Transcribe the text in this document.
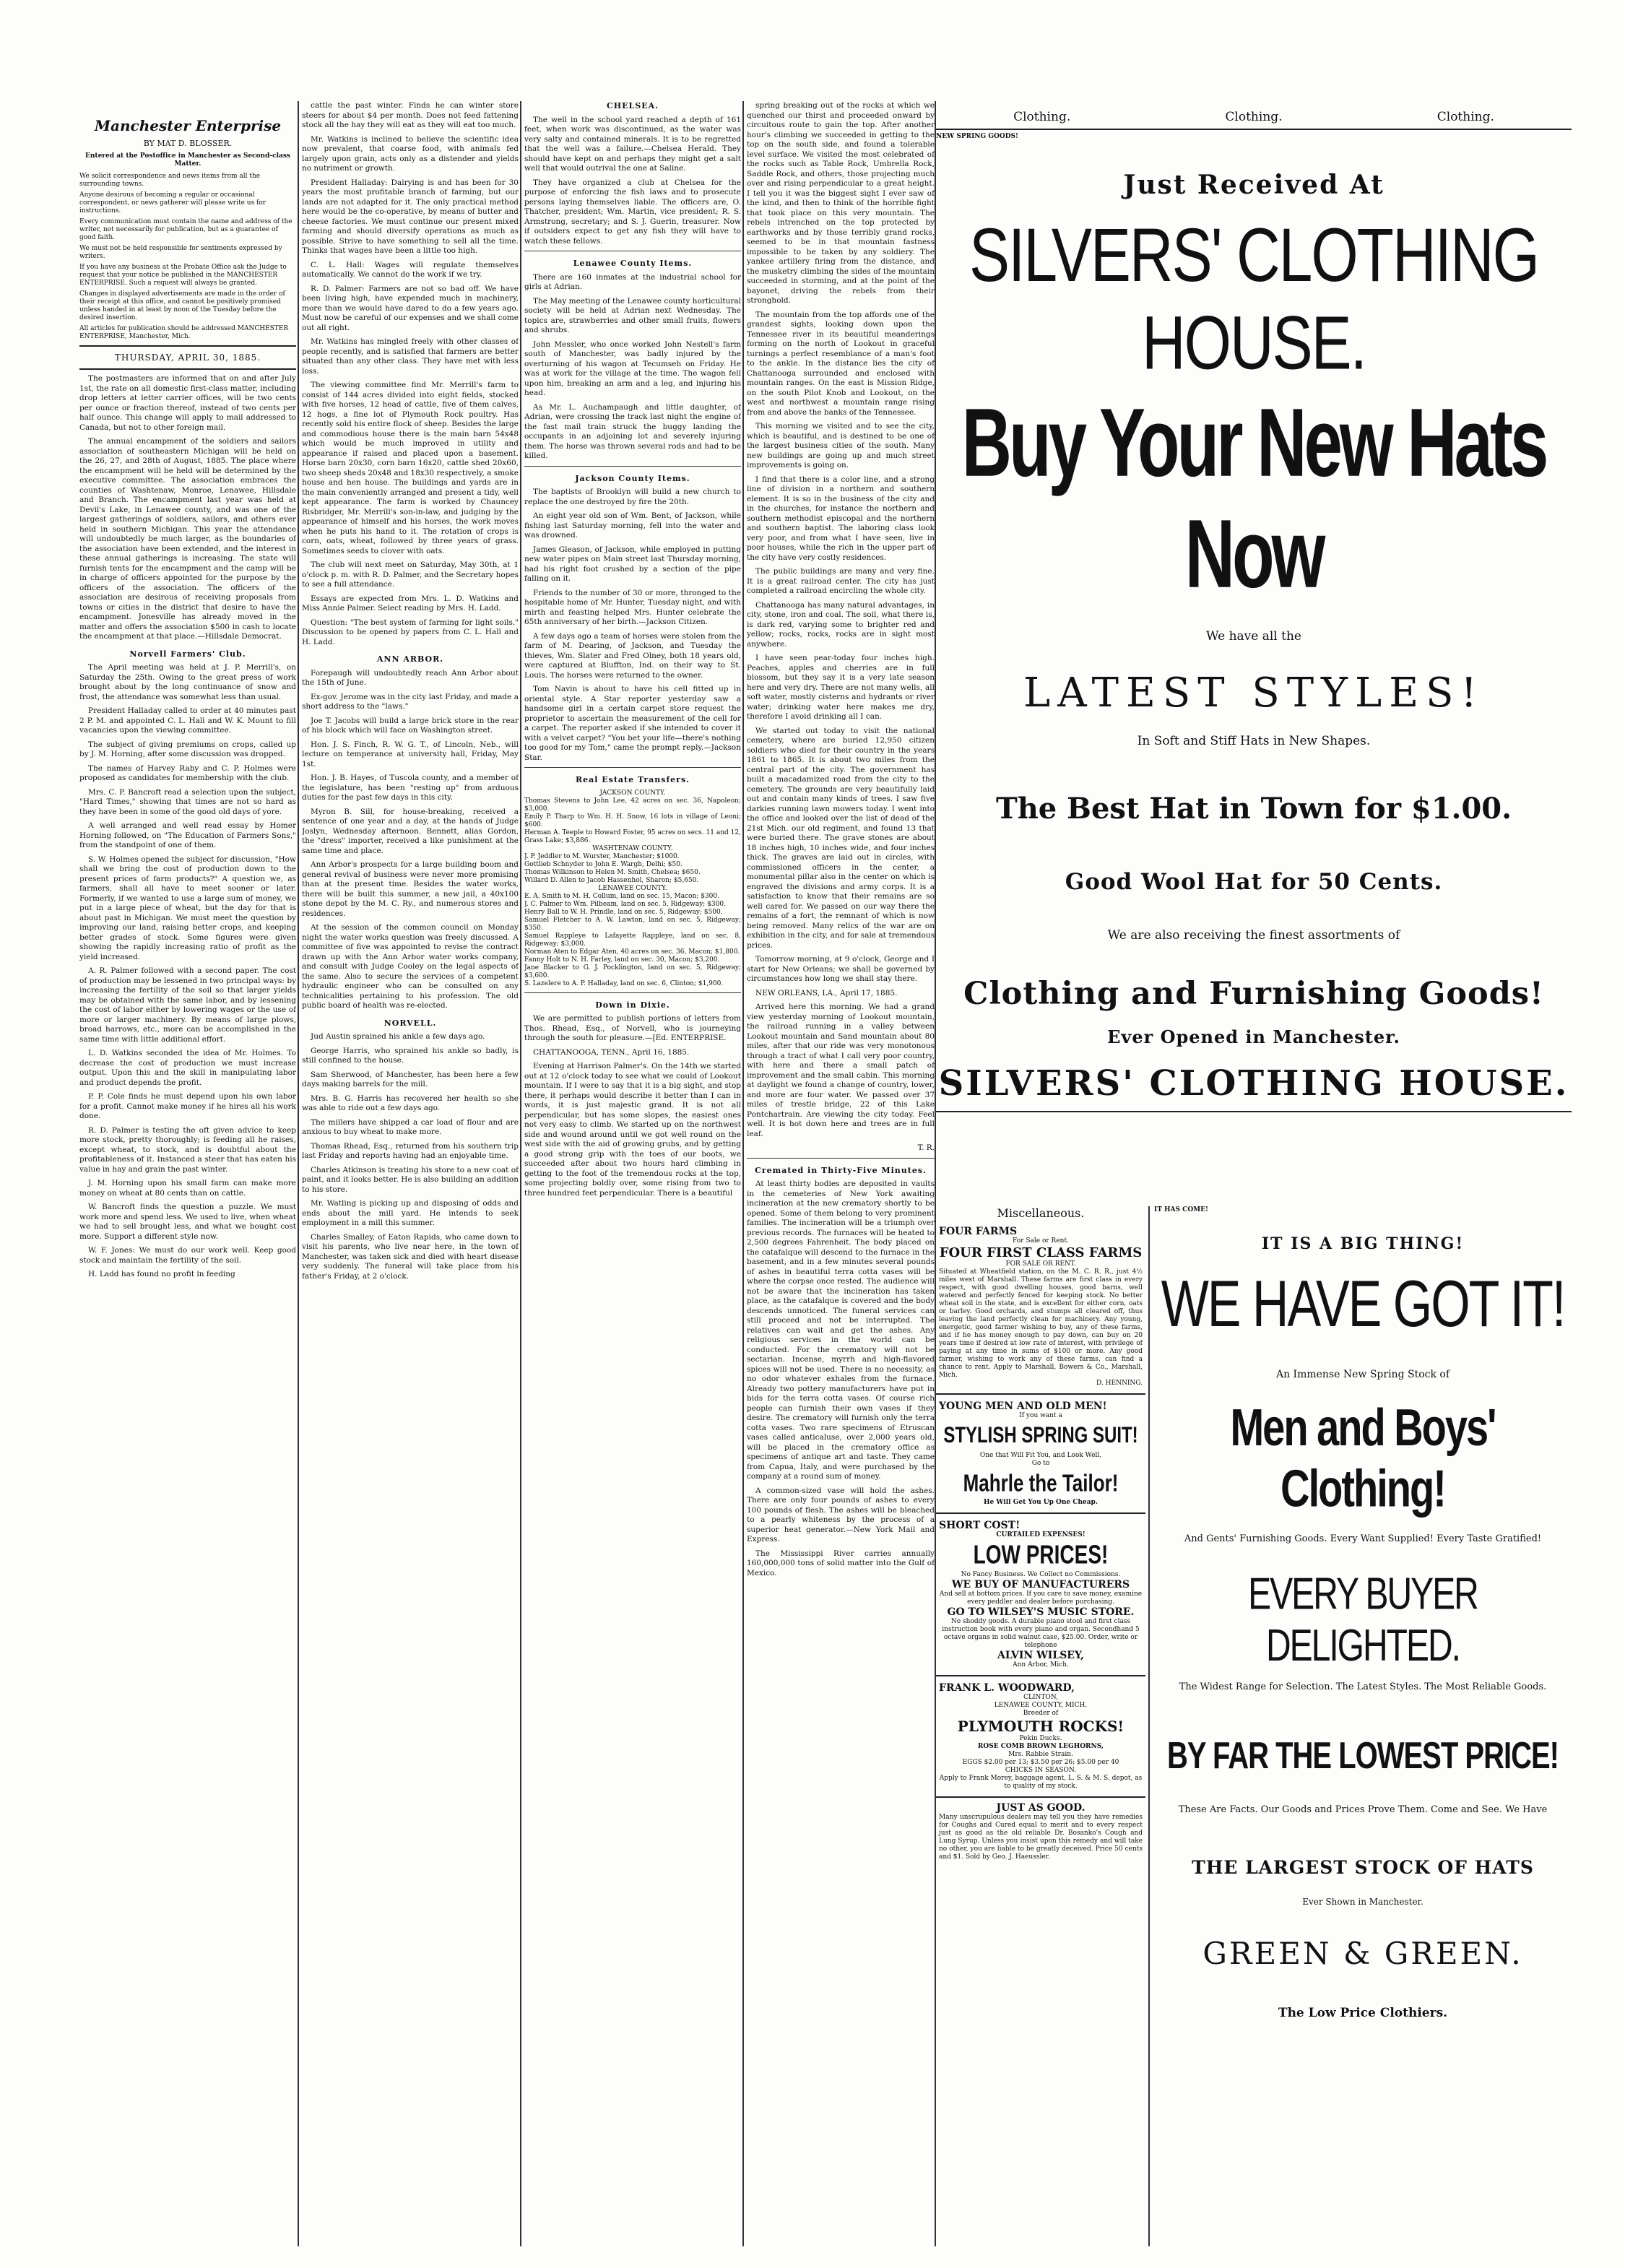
Manchester Enterprise
BY MAT D. BLOSSER.
Entered at the Postoffice in Manchester as Second-class Matter.

We solicit correspondence and news items from all the surrounding towns.

Anyone desirous of becoming a regular or occasional correspondent, or news gatherer will please write us for instructions.

Every communication must contain the name and address of the writer, not necessarily for publication, but as a guarantee of good faith.

We must not be held responsible for sentiments expressed by writers.

If you have any business at the Probate Office ask the Judge to request that your notice be published in the MANCHESTER ENTERPRISE. Such a request will always be granted.

Changes in displayed advertisements are made in the order of their receipt at this office, and cannot be positively promised unless handed in at least by noon of the Tuesday before the desired insertion.

All articles for publication should be addressed MANCHESTER ENTERPRISE, Manchester, Mich.

THURSDAY, APRIL 30, 1885.

The postmasters are informed that on and after July 1st, the rate on all domestic first-class matter, including drop letters at letter carrier offices, will be two cents per ounce or fraction thereof, instead of two cents per half ounce. This change will apply to mail addressed to Canada, but not to other foreign mail.

The annual encampment of the soldiers and sailors association of southeastern Michigan will be held on the 26, 27, and 28th of August, 1885. The place where the encampment will be held will be determined by the executive committee. The association embraces the counties of Washtenaw, Monroe, Lenawee, Hillsdale and Branch. The encampment last year was held at Devil's Lake, in Lenawee county, and was one of the largest gatherings of soldiers, sailors, and others ever held in southern Michigan. This year the attendance will undoubtedly be much larger, as the boundaries of the association have been extended, and the interest in these annual gatherings is increasing. The state will furnish tents for the encampment and the camp will be in charge of officers appointed for the purpose by the officers of the association. The officers of the association are desirous of receiving proposals from towns or cities in the district that desire to have the encampment. Jonesville has already moved in the matter and offers the association $500 in cash to locate the encampment at that place.—Hillsdale Democrat.

Norvell Farmers' Club.

The April meeting was held at J. P. Merrill's, on Saturday the 25th. Owing to the great press of work brought about by the long continuance of snow and frost, the attendance was somewhat less than usual.

President Halladay called to order at 40 minutes past 2 P. M. and appointed C. L. Hall and W. K. Mount to fill vacancies upon the viewing committee.

The subject of giving premiums on crops, called up by J. M. Horning, after some discussion was dropped.

The names of Harvey Raby and C. P. Holmes were proposed as candidates for membership with the club.

Mrs. C. P. Bancroft read a selection upon the subject, "Hard Times," showing that times are not so hard as they have been in some of the good old days of yore.

A well arranged and well read essay by Homer Horning followed, on "The Education of Farmers Sons," from the standpoint of one of them.

S. W. Holmes opened the subject for discussion, "How shall we bring the cost of production down to the present prices of farm products?" A question we, as farmers, shall all have to meet sooner or later. Formerly, if we wanted to use a large sum of money, we put in a large piece of wheat, but the day for that is about past in Michigan. We must meet the question by improving our land, raising better crops, and keeping better grades of stock. Some figures were given showing the rapidly increasing ratio of profit as the yield increased.

A. R. Palmer followed with a second paper. The cost of production may be lessened in two principal ways: by increasing the fertility of the soil so that larger yields may be obtained with the same labor, and by lessening the cost of labor either by lowering wages or the use of more or larger machinery. By means of large plows, broad harrows, etc., more can be accomplished in the same time with little additional effort.

L. D. Watkins seconded the idea of Mr. Holmes. To decrease the cost of production we must increase output. Upon this and the skill in manipulating labor and product depends the profit.

P. P. Cole finds he must depend upon his own labor for a profit. Cannot make money if he hires all his work done.

R. D. Palmer is testing the oft given advice to keep more stock, pretty thoroughly; is feeding all he raises, except wheat, to stock, and is doubtful about the profitableness of it. Instanced a steer that has eaten his value in hay and grain the past winter.

J. M. Horning upon his small farm can make more money on wheat at 80 cents than on cattle.

W. Bancroft finds the question a puzzle. We must work more and spend less. We used to live, when wheat we had to sell brought less, and what we bought cost more. Support a different style now.

W. F. Jones: We must do our work well. Keep good stock and maintain the fertility of the soil.

H. Ladd has found no profit in feeding

cattle the past winter. Finds he can winter store steers for about $4 per month. Does not feed fattening stock all the hay they will eat as they will eat too much.

Mr. Watkins is inclined to believe the scientific idea now prevalent, that coarse food, with animals fed largely upon grain, acts only as a distender and yields no nutriment or growth.

President Halladay: Dairying is and has been for 30 years the most profitable branch of farming, but our lands are not adapted for it. The only practical method here would be the co-operative, by means of butter and cheese factories. We must continue our present mixed farming and should diversify operations as much as possible. Strive to have something to sell all the time. Thinks that wages have been a little too high.

C. L. Hall: Wages will regulate themselves automatically. We cannot do the work if we try.

R. D. Palmer: Farmers are not so bad off. We have been living high, have expended much in machinery, more than we would have dared to do a few years ago. Must now be careful of our expenses and we shall come out all right.

Mr. Watkins has mingled freely with other classes of people recently, and is satisfied that farmers are better situated than any other class. They have met with less loss.

The viewing committee find Mr. Merrill's farm to consist of 144 acres divided into eight fields, stocked with five horses, 12 head of cattle, five of them calves, 12 hogs, a fine lot of Plymouth Rock poultry. Has recently sold his entire flock of sheep. Besides the large and commodious house there is the main barn 54x48 which would be much improved in utility and appearance if raised and placed upon a basement. Horse barn 20x30, corn barn 16x20, cattle shed 20x60, two sheep sheds 20x48 and 18x30 respectively, a smoke house and hen house. The buildings and yards are in the main conveniently arranged and present a tidy, well kept appearance. The farm is worked by Chauncey Risbridger, Mr. Merrill's son-in-law, and judging by the appearance of himself and his horses, the work moves when he puts his hand to it. The rotation of crops is corn, oats, wheat, followed by three years of grass. Sometimes seeds to clover with oats.

The club will next meet on Saturday, May 30th, at 1 o'clock p. m. with R. D. Palmer, and the Secretary hopes to see a full attendance.

Essays are expected from Mrs. L. D. Watkins and Miss Annie Palmer. Select reading by Mrs. H. Ladd.

Question: "The best system of farming for light soils." Discussion to be opened by papers from C. L. Hall and H. Ladd.

ANN ARBOR.

Forepaugh will undoubtedly reach Ann Arbor about the 15th of June.

Ex-gov. Jerome was in the city last Friday, and made a short address to the "laws."

Joe T. Jacobs will build a large brick store in the rear of his block which will face on Washington street.

Hon. J. S. Finch, R. W. G. T., of Lincoln, Neb., will lecture on temperance at university hall, Friday, May 1st.

Hon. J. B. Hayes, of Tuscola county, and a member of the legislature, has been "resting up" from arduous duties for the past few days in this city.

Myron B. Sill, for house-breaking, received a sentence of one year and a day, at the hands of Judge Joslyn, Wednesday afternoon. Bennett, alias Gordon, the "dress" importer, received a like punishment at the same time and place.

Ann Arbor's prospects for a large building boom and general revival of business were never more promising than at the present time. Besides the water works, there will be built this summer, a new jail, a 40x100 stone depot by the M. C. Ry., and numerous stores and residences.

At the session of the common council on Monday night the water works question was freely discussed. A committee of five was appointed to revise the contract drawn up with the Ann Arbor water works company, and consult with Judge Cooley on the legal aspects of the same. Also to secure the services of a competent hydraulic engineer who can be consulted on any technicalities pertaining to his profession. The old public board of health was re-elected.

NORVELL.

Jud Austin sprained his ankle a few days ago.

George Harris, who sprained his ankle so badly, is still confined to the house.

Sam Sherwood, of Manchester, has been here a few days making barrels for the mill.

Mrs. B. G. Harris has recovered her health so she was able to ride out a few days ago.

The millers have shipped a car load of flour and are anxious to buy wheat to make more.

Thomas Rhead, Esq., returned from his southern trip last Friday and reports having had an enjoyable time.

Charles Atkinson is treating his store to a new coat of paint, and it looks better. He is also building an addition to his store.

Mr. Watling is picking up and disposing of odds and ends about the mill yard. He intends to seek employment in a mill this summer.

Charles Smalley, of Eaton Rapids, who came down to visit his parents, who live near here, in the town of Manchester, was taken sick and died with heart disease very suddenly. The funeral will take place from his father's Friday, at 2 o'clock.

CHELSEA.

The well in the school yard reached a depth of 161 feet, when work was discontinued, as the water was very salty and contained minerals. It is to be regretted that the well was a failure.—Chelsea Herald. They should have kept on and perhaps they might get a salt well that would outrival the one at Saline.

They have organized a club at Chelsea for the purpose of enforcing the fish laws and to prosecute persons laying themselves liable. The officers are, O. Thatcher, president; Wm. Martin, vice president; R. S. Armstrong, secretary; and S. J. Guerin, treasurer. Now if outsiders expect to get any fish they will have to watch these fellows.

Lenawee County Items.

There are 160 inmates at the industrial school for girls at Adrian.

The May meeting of the Lenawee county horticultural society will be held at Adrian next Wednesday. The topics are, strawberries and other small fruits, flowers and shrubs.

John Messler, who once worked John Nestell's farm south of Manchester, was badly injured by the overturning of his wagon at Tecumseh on Friday. He was at work for the village at the time. The wagon fell upon him, breaking an arm and a leg, and injuring his head.

As Mr. L. Auchampaugh and little daughter, of Adrian, were crossing the track last night the engine of the fast mail train struck the buggy landing the occupants in an adjoining lot and severely injuring them. The horse was thrown several rods and had to be killed.

Jackson County Items.

The baptists of Brooklyn will build a new church to replace the one destroyed by fire the 20th.

An eight year old son of Wm. Bent, of Jackson, while fishing last Saturday morning, fell into the water and was drowned.

James Gleason, of Jackson, while employed in putting new water pipes on Main street last Thursday morning, had his right foot crushed by a section of the pipe falling on it.

Friends to the number of 30 or more, thronged to the hospitable home of Mr. Hunter, Tuesday night, and with mirth and feasting helped Mrs. Hunter celebrate the 65th anniversary of her birth.—Jackson Citizen.

A few days ago a team of horses were stolen from the farm of M. Dearing, of Jackson, and Tuesday the thieves, Wm. Slater and Fred Olney, both 18 years old, were captured at Bluffton, Ind. on their way to St. Louis. The horses were returned to the owner.

Tom Navin is about to have his cell fitted up in oriental style. A Star reporter yesterday saw a handsome girl in a certain carpet store request the proprietor to ascertain the measurement of the cell for a carpet. The reporter asked if she intended to cover it with a velvet carpet? "You bet your life—there's nothing too good for my Tom," came the prompt reply.—Jackson Star.

Real Estate Transfers.
JACKSON COUNTY.
Thomas Stevens to John Lee, 42 acres on sec. 36, Napoleon; $3,000.
Emily P. Tharp to Wm. H. H. Snow, 16 lots in village of Leoni; $600.
Herman A. Teeple to Howard Foster, 95 acres on secs. 11 and 12, Grass Lake; $3,886.
WASHTENAW COUNTY.
J. P. Jeddler to M. Wurster, Manchester; $1000.
Gottlieb Schnyder to John E. Wargh, Delhi; $50.
Thomas Wilkinson to Helen M. Smith, Chelsea; $650.
Willard D. Allen to Jacob Hassenhol, Sharon; $5,650.
LENAWEE COUNTY.
E. A. Smith to M. H. Collum, land on sec. 15, Macon; $300.
J. C. Palmer to Wm. Pilbeam, land on sec. 5, Ridgeway; $300.
Henry Ball to W. H. Prindle, land on sec. 5, Ridgeway; $500.
Samuel Fletcher to A. W. Lawton, land on sec. 5, Ridgeway; $350.
Samuel Rappleye to Lafayette Rappleye, land on sec. 8, Ridgeway; $3,000.
Norman Aten to Edgar Aten, 40 acres on sec. 36, Macon; $1,800.
Fanny Holt to N. H. Farley, land on sec. 30, Macon; $3,200.
Jane Blacker to G. J. Pocklington, land on sec. 5, Ridgeway; $3,600.
S. Lazelere to A. P. Halladay, land on sec. 6, Clinton; $1,900.
Down in Dixie.

We are permitted to publish portions of letters from Thos. Rhead, Esq., of Norvell, who is journeying through the south for pleasure.—[Ed. ENTERPRISE.

CHATTANOOGA, TENN., April 16, 1885.

Evening at Harrison Palmer's. On the 14th we started out at 12 o'clock today to see what we could of Lookout mountain. If I were to say that it is a big sight, and stop there, it perhaps would describe it better than I can in words, it is just majestic grand. It is not all perpendicular, but has some slopes, the easiest ones not very easy to climb. We started up on the northwest side and wound around until we got well round on the west side with the aid of growing grubs, and by getting a good strong grip with the toes of our boots, we succeeded after about two hours hard climbing in getting to the foot of the tremendous rocks at the top, some projecting boldly over, some rising from two to three hundred feet perpendicular. There is a beautiful

spring breaking out of the rocks at which we quenched our thirst and proceeded onward by circuitous route to gain the top. After another hour's climbing we succeeded in getting to the top on the south side, and found a tolerable level surface. We visited the most celebrated of the rocks such as Table Rock, Umbrella Rock, Saddle Rock, and others, those projecting much over and rising perpendicular to a great height. I tell you it was the biggest sight I ever saw of the kind, and then to think of the horrible fight that took place on this very mountain. The rebels intrenched on the top protected by earthworks and by those terribly grand rocks, seemed to be in that mountain fastness impossible to be taken by any soldiery. The yankee artillery firing from the distance, and the musketry climbing the sides of the mountain succeeded in storming, and at the point of the bayonet, driving the rebels from their stronghold.

The mountain from the top affords one of the grandest sights, looking down upon the Tennessee river in its beautiful meanderings forming on the north of Lookout in graceful turnings a perfect resemblance of a man's foot to the ankle. In the distance lies the city of Chattanooga surrounded and enclosed with mountain ranges. On the east is Mission Ridge, on the south Pilot Knob and Lookout, on the west and northwest a mountain range rising from and above the banks of the Tennessee.

This morning we visited and to see the city, which is beautiful, and is destined to be one of the largest business cities of the south. Many new buildings are going up and much street improvements is going on.

I find that there is a color line, and a strong line of division in a northern and southern element. It is so in the business of the city and in the churches, for instance the northern and southern methodist episcopal and the northern and southern baptist. The laboring class look very poor, and from what I have seen, live in poor houses, while the rich in the upper part of the city have very costly residences.

The public buildings are many and very fine. It is a great railroad center. The city has just completed a railroad encircling the whole city.

Chattanooga has many natural advantages, in city, stone, iron and coal. The soil, what there is, is dark red, varying some to brighter red and yellow; rocks, rocks, rocks are in sight most anywhere.

I have seen pear-today four inches high. Peaches, apples and cherries are in full blossom, but they say it is a very late season here and very dry. There are not many wells, all soft water, mostly cisterns and hydrants or river water; drinking water here makes me dry, therefore I avoid drinking all I can.

We started out today to visit the national cemetery, where are buried 12,950 citizen soldiers who died for their country in the years 1861 to 1865. It is about two miles from the central part of the city. The government has built a macadamized road from the city to the cemetery. The grounds are very beautifully laid out and contain many kinds of trees. I saw five darkies running lawn mowers today. I went into the office and looked over the list of dead of the 21st Mich. our old regiment, and found 13 that were buried there. The grave stones are about 18 inches high, 10 inches wide, and four inches thick. The graves are laid out in circles, with commissioned officers in the center, a monumental pillar also in the center on which is engraved the divisions and army corps. It is a satisfaction to know that their remains are so well cared for. We passed on our way there the remains of a fort, the remnant of which is now being removed. Many relics of the war are on exhibition in the city, and for sale at tremendous prices.

Tomorrow morning, at 9 o'clock, George and I start for New Orleans; we shall be governed by circumstances how long we shall stay there.

NEW ORLEANS, LA., April 17, 1885.

Arrived here this morning. We had a grand view yesterday morning of Lookout mountain, the railroad running in a valley between Lookout mountain and Sand mountain about 80 miles, after that our ride was very monotonous through a tract of what I call very poor country, with here and there a small patch of improvement and the small cabin. This morning at daylight we found a change of country, lower, and more are four water. We passed over 37 miles of trestle bridge, 22 of this Lake Pontchartrain. Are viewing the city today. Feel well. It is hot down here and trees are in full leaf.

T. R.
Cremated in Thirty-Five Minutes.

At least thirty bodies are deposited in vaults in the cemeteries of New York awaiting incineration at the new crematory shortly to be opened. Some of them belong to very prominent families. The incineration will be a triumph over previous records. The furnaces will be heated to 2,500 degrees Fahrenheit. The body placed on the catafalque will descend to the furnace in the basement, and in a few minutes several pounds of ashes in beautiful terra cotta vases will be where the corpse once rested. The audience will not be aware that the incineration has taken place, as the catafalque is covered and the body descends unnoticed. The funeral services can still proceed and not be interrupted. The relatives can wait and get the ashes. Any religious services in the world can be conducted. For the crematory will not be sectarian. Incense, myrrh and high-flavored spices will not be used. There is no necessity, as no odor whatever exhales from the furnace. Already two pottery manufacturers have put in bids for the terra cotta vases. Of course rich people can furnish their own vases if they desire. The crematory will furnish only the terra cotta vases. Two rare specimens of Etruscan vases called anticaluse, over 2,000 years old, will be placed in the crematory office as specimens of antique art and taste. They came from Capua, Italy, and were purchased by the company at a round sum of money.

A common-sized vase will hold the ashes. There are only four pounds of ashes to every 100 pounds of flesh. The ashes will be bleached to a pearly whiteness by the process of a superior heat generator.—New York Mail and Express.

The Mississippi River carries annually 160,000,000 tons of solid matter into the Gulf of Mexico.

Clothing.	Clothing.	Clothing.
NEW SPRING GOODS!
Just Received At
SILVERS' CLOTHING HOUSE.
Buy Your New Hats Now
We have all the
LATEST STYLES!
In Soft and Stiff Hats in New Shapes.
The Best Hat in Town for $1.00.
Good Wool Hat for 50 Cents.
We are also receiving the finest assortments of
Clothing and Furnishing Goods!
Ever Opened in Manchester.
SILVERS' CLOTHING HOUSE.
Miscellaneous.
FOUR FARMS
For Sale or Rent.
FOUR FIRST CLASS FARMS
FOR SALE OR RENT.
Situated at Wheatfield station, on the M. C. R. R., just 4½ miles west of Marshall. These farms are first class in every respect, with good dwelling houses, good barns, well watered and perfectly fenced for keeping stock. No better wheat soil in the state, and is excellent for either corn, oats or barley. Good orchards, and stumps all cleared off, thus leaving the land perfectly clean for machinery. Any young, energetic, good farmer wishing to buy, any of these farms, and if he has money enough to pay down, can buy on 20 years time if desired at low rate of interest, with privilege of paying at any time in sums of $100 or more. Any good farmer, wishing to work any of these farms, can find a chance to rent. Apply to Marshall, Bowers & Co., Marshall, Mich.
D. HENNING.
YOUNG MEN AND OLD MEN!
If you want a
STYLISH SPRING SUIT!
One that Will Fit You, and Look Well,
Go to
Mahrle the Tailor!
He Will Get You Up One Cheap.
SHORT COST!
CURTAILED EXPENSES!
LOW PRICES!
No Fancy Business. We Collect no Commissions.
WE BUY OF MANUFACTURERS
And sell at bottom prices. If you care to save money, examine every peddler and dealer before purchasing.
GO TO WILSEY'S MUSIC STORE.
No shoddy goods. A durable piano stool and first class instruction book with every piano and organ. Secondhand 5 octave organs in solid walnut case, $25.00. Order, write or telephone
ALVIN WILSEY,
Ann Arbor, Mich.
FRANK L. WOODWARD,
CLINTON,
LENAWEE COUNTY, MICH.
Breeder of
PLYMOUTH ROCKS!
Pekin Ducks.
ROSE COMB BROWN LEGHORNS,
Mrs. Rabbie Strain.
EGGS $2.00 per 13; $3.50 per 26; $5.00 per 40
CHICKS IN SEASON.
Apply to Frank Morey, baggage agent, L. S. & M. S. depot, as to quality of my stock.
JUST AS GOOD.
Many unscrupulous dealers may tell you they have remedies for Coughs and Cured equal to merit and to every respect just as good as the old reliable Dr. Bosanko's Cough and Lung Syrup. Unless you insist upon this remedy and will take no other, you are liable to be greatly deceived. Price 50 cents and $1. Sold by Geo. J. Haeussler.
IT HAS COME!
IT IS A BIG THING!
WE HAVE GOT IT!
An Immense New Spring Stock of
Men and Boys' Clothing!
And Gents' Furnishing Goods. Every Want Supplied! Every Taste Gratified!
EVERY BUYER DELIGHTED.
The Widest Range for Selection. The Latest Styles. The Most Reliable Goods.
BY FAR THE LOWEST PRICE!
These Are Facts. Our Goods and Prices Prove Them. Come and See. We Have
THE LARGEST STOCK OF HATS
Ever Shown in Manchester.
GREEN & GREEN.
The Low Price Clothiers.
